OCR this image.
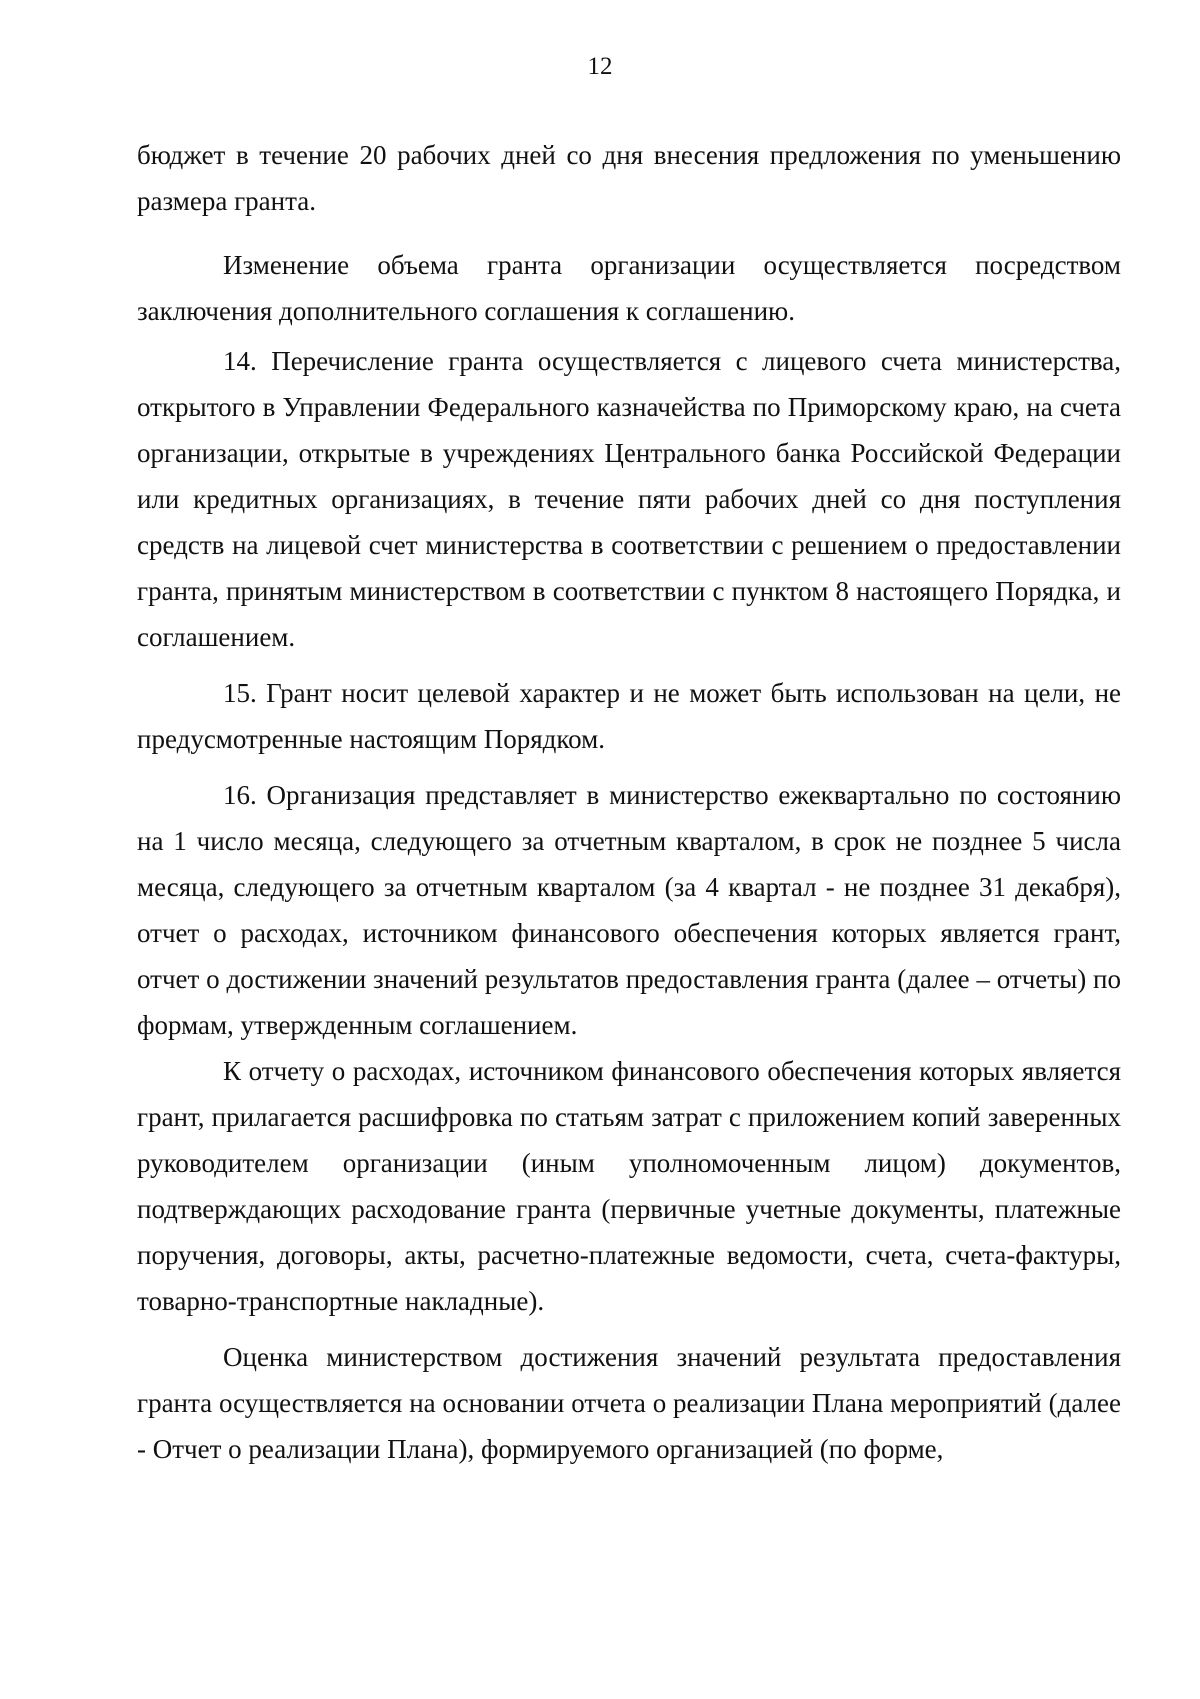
12

бюджет в течение 20 рабочих дней со дня внесения предложения по уменьшению размера гранта.

Изменение объема гранта организации осуществляется посредством заключения дополнительного соглашения к соглашению.

14. Перечисление гранта осуществляется с лицевого счета министерства, открытого в Управлении Федерального казначейства по Приморскому краю, на счета организации, открытые в учреждениях Центрального банка Российской Федерации или кредитных организациях, в течение пяти рабочих дней со дня поступления средств на лицевой счет министерства в соответствии с решением о предоставлении гранта, принятым министерством в соответствии с пунктом 8 настоящего Порядка, и соглашением.

15. Грант носит целевой характер и не может быть использован на цели, не предусмотренные настоящим Порядком.

16. Организация представляет в министерство ежеквартально по состоянию на 1 число месяца, следующего за отчетным кварталом, в срок не позднее 5 числа месяца, следующего за отчетным кварталом (за 4 квартал - не позднее 31 декабря), отчет о расходах, источником финансового обеспечения которых является грант, отчет о достижении значений результатов предоставления гранта (далее – отчеты) по формам, утвержденным соглашением.

К отчету о расходах, источником финансового обеспечения которых является грант, прилагается расшифровка по статьям затрат с приложением копий заверенных руководителем организации (иным уполномоченным лицом) документов, подтверждающих расходование гранта (первичные учетные документы, платежные поручения, договоры, акты, расчетно-платежные ведомости, счета, счета-фактуры, товарно-транспортные накладные).

Оценка министерством достижения значений результата предоставления гранта осуществляется на основании отчета о реализации Плана мероприятий (далее - Отчет о реализации Плана), формируемого организацией (по форме,
